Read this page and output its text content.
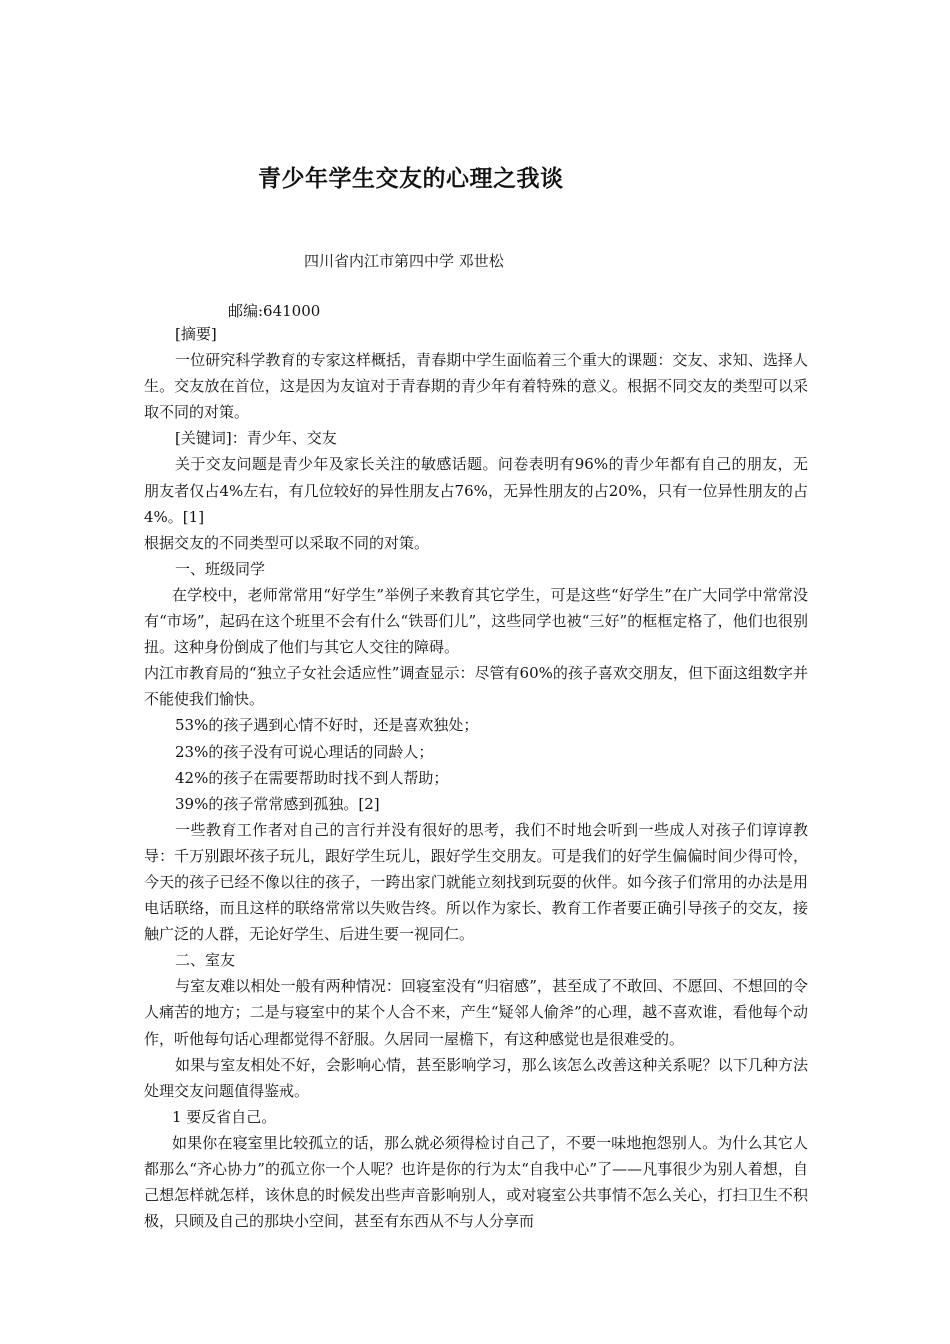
青少年学生交友的心理之我谈

四川省内江市第四中学 邓世松

邮编:641000

[摘要]

一位研究科学教育的专家这样概括，青春期中学生面临着三个重大的课题：交友、求知、选择人生。交友放在首位，这是因为友谊对于青春期的青少年有着特殊的意义。根据不同交友的类型可以采取不同的对策。

[关键词]：青少年、交友

关于交友问题是青少年及家长关注的敏感话题。问卷表明有96%的青少年都有自己的朋友，无朋友者仅占4%左右，有几位较好的异性朋友占76%，无异性朋友的占20%，只有一位异性朋友的占4%。[1]

根据交友的不同类型可以采取不同的对策。

一、班级同学

在学校中，老师常常用“好学生”举例子来教育其它学生，可是这些“好学生”在广大同学中常常没有“市场”，起码在这个班里不会有什么“铁哥们儿”，这些同学也被“三好”的框框定格了，他们也很别扭。这种身份倒成了他们与其它人交往的障碍。

内江市教育局的“独立子女社会适应性”调查显示：尽管有60%的孩子喜欢交朋友，但下面这组数字并不能使我们愉快。

53%的孩子遇到心情不好时，还是喜欢独处；

23%的孩子没有可说心理话的同龄人；

42%的孩子在需要帮助时找不到人帮助；

39%的孩子常常感到孤独。[2]

一些教育工作者对自己的言行并没有很好的思考，我们不时地会听到一些成人对孩子们谆谆教导：千万别跟坏孩子玩儿，跟好学生玩儿，跟好学生交朋友。可是我们的好学生偏偏时间少得可怜，今天的孩子已经不像以往的孩子，一跨出家门就能立刻找到玩耍的伙伴。如今孩子们常用的办法是用电话联络，而且这样的联络常常以失败告终。所以作为家长、教育工作者要正确引导孩子的交友，接触广泛的人群，无论好学生、后进生要一视同仁。

二、室友

与室友难以相处一般有两种情况：回寝室没有“归宿感”，甚至成了不敢回、不愿回、不想回的令人痛苦的地方；二是与寝室中的某个人合不来，产生“疑邻人偷斧”的心理，越不喜欢谁，看他每个动作，听他每句话心理都觉得不舒服。久居同一屋檐下，有这种感觉也是很难受的。

如果与室友相处不好，会影响心情，甚至影响学习，那么该怎么改善这种关系呢？以下几种方法处理交友问题值得鉴戒。

1 要反省自己。

如果你在寝室里比较孤立的话，那么就必须得检讨自己了，不要一味地抱怨别人。为什么其它人都那么“齐心协力”的孤立你一个人呢？也许是你的行为太“自我中心”了——凡事很少为别人着想，自己想怎样就怎样，该休息的时候发出些声音影响别人，或对寝室公共事情不怎么关心，打扫卫生不积极，只顾及自己的那块小空间，甚至有东西从不与人分享而
